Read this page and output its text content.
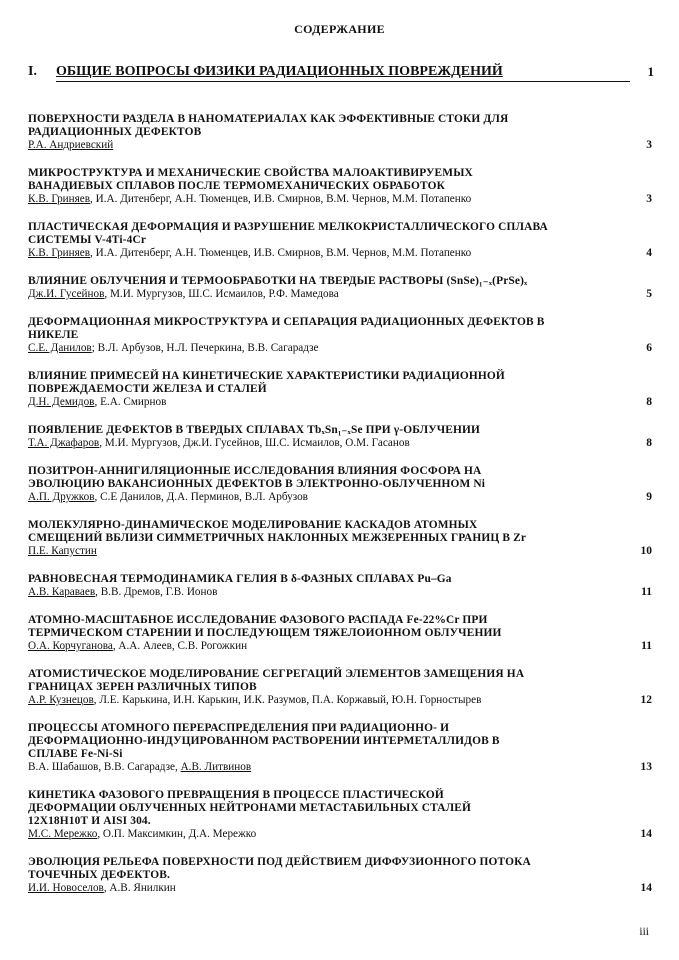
СОДЕРЖАНИЕ
I. ОБЩИЕ ВОПРОСЫ ФИЗИКИ РАДИАЦИОННЫХ ПОВРЕЖДЕНИЙ	1
ПОВЕРХНОСТИ РАЗДЕЛА В НАНОМАТЕРИАЛАХ КАК ЭФФЕКТИВНЫЕ СТОКИ ДЛЯ
РАДИАЦИОННЫХ ДЕФЕКТОВ
Р.А. Андриевский	3
МИКРОСТРУКТУРА И МЕХАНИЧЕСКИЕ СВОЙСТВА МАЛОАКТИВИРУЕМЫХ
ВАНАДИЕВЫХ СПЛАВОВ ПОСЛЕ ТЕРМОМЕХАНИЧЕСКИХ ОБРАБОТОК
К.В. Гриняев, И.А. Дитенберг, А.Н. Тюменцев, И.В. Смирнов, В.М. Чернов, М.М. Потапенко	3
ПЛАСТИЧЕСКАЯ ДЕФОРМАЦИЯ И РАЗРУШЕНИЕ МЕЛКОКРИСТАЛЛИЧЕСКОГО СПЛАВА
СИСТЕМЫ V-4Ti-4Cr
К.В. Гриняев, И.А. Дитенберг, А.Н. Тюменцев, И.В. Смирнов, В.М. Чернов, М.М. Потапенко	4
ВЛИЯНИЕ ОБЛУЧЕНИЯ И ТЕРМООБРАБОТКИ НА ТВЕРДЫЕ РАСТВОРЫ (SnSe)₁₋ₓ(PrSe)ₓ
Дж.И. Гусейнов, М.И. Мургузов, Ш.С. Исмаилов, Р.Ф. Мамедова	5
ДЕФОРМАЦИОННАЯ МИКРОСТРУКТУРА И СЕПАРАЦИЯ РАДИАЦИОННЫХ ДЕФЕКТОВ В
НИКЕЛЕ
С.Е. Данилов; В.Л. Арбузов, Н.Л. Печеркина, В.В. Сагарадзе	6
ВЛИЯНИЕ ПРИМЕСЕЙ НА КИНЕТИЧЕСКИЕ ХАРАКТЕРИСТИКИ РАДИАЦИОННОЙ
ПОВРЕЖДАЕМОСТИ ЖЕЛЕЗА И СТАЛЕЙ
Д.Н. Демидов, Е.А. Смирнов	8
ПОЯВЛЕНИЕ ДЕФЕКТОВ В ТВЕРДЫХ СПЛАВАХ TbₓSn₁₋ₓSe ПРИ γ-ОБЛУЧЕНИИ
Т.А. Джафаров, М.И. Мургузов, Дж.И. Гусейнов, Ш.С. Исмаилов, О.М. Гасанов	8
ПОЗИТРОН-АННИГИЛЯЦИОННЫЕ ИССЛЕДОВАНИЯ ВЛИЯНИЯ ФОСФОРА НА
ЭВОЛЮЦИЮ ВАКАНСИОННЫХ ДЕФЕКТОВ В ЭЛЕКТРОННО-ОБЛУЧЕННОМ Ni
А.П. Дружков, С.Е Данилов, Д.А. Перминов, В.Л. Арбузов	9
МОЛЕКУЛЯРНО-ДИНАМИЧЕСКОЕ МОДЕЛИРОВАНИЕ КАСКАДОВ АТОМНЫХ
СМЕЩЕНИЙ ВБЛИЗИ СИММЕТРИЧНЫХ НАКЛОННЫХ МЕЖЗЕРЕННЫХ ГРАНИЦ В Zr
П.Е. Капустин	10
РАВНОВЕСНАЯ ТЕРМОДИНАМИКА ГЕЛИЯ В δ-ФАЗНЫХ СПЛАВАХ Pu–Ga
А.В. Караваев, В.В. Дремов, Г.В. Ионов	11
АТОМНО-МАСШТАБНОЕ ИССЛЕДОВАНИЕ ФАЗОВОГО РАСПАДА Fe-22%Cr ПРИ
ТЕРМИЧЕСКОМ СТАРЕНИИ И ПОСЛЕДУЮЩЕМ ТЯЖЕЛОИОННОМ ОБЛУЧЕНИИ
О.А. Корчуганова, А.А. Алеев, С.В. Рогожкин	11
АТОМИСТИЧЕСКОЕ МОДЕЛИРОВАНИЕ СЕГРЕГАЦИЙ ЭЛЕМЕНТОВ ЗАМЕЩЕНИЯ НА
ГРАНИЦАХ ЗЕРЕН РАЗЛИЧНЫХ ТИПОВ
А.Р. Кузнецов, Л.Е. Карькина, И.Н. Карькин, И.К. Разумов, П.А. Коржавый, Ю.Н. Горностырев	12
ПРОЦЕССЫ АТОМНОГО ПЕРЕРАСПРЕДЕЛЕНИЯ ПРИ РАДИАЦИОННО- И
ДЕФОРМАЦИОННО-ИНДУЦИРОВАННОМ РАСТВОРЕНИИ ИНТЕРМЕТАЛЛИДОВ В
СПЛАВЕ Fe-Ni-Si
В.А. Шабашов, В.В. Сагарадзе, А.В. Литвинов	13
КИНЕТИКА ФАЗОВОГО ПРЕВРАЩЕНИЯ В ПРОЦЕССЕ ПЛАСТИЧЕСКОЙ
ДЕФОРМАЦИИ ОБЛУЧЕННЫХ НЕЙТРОНАМИ МЕТАСТАБИЛЬНЫХ СТАЛЕЙ
12Х18Н10Т И AISI 304.
М.С. Мережко, О.П. Максимкин, Д.А. Мережко	14
ЭВОЛЮЦИЯ РЕЛЬЕФА ПОВЕРХНОСТИ ПОД ДЕЙСТВИЕМ ДИФФУЗИОННОГО ПОТОКА
ТОЧЕЧНЫХ ДЕФЕКТОВ.
И.И. Новоселов, А.В. Янилкин	14
iii
